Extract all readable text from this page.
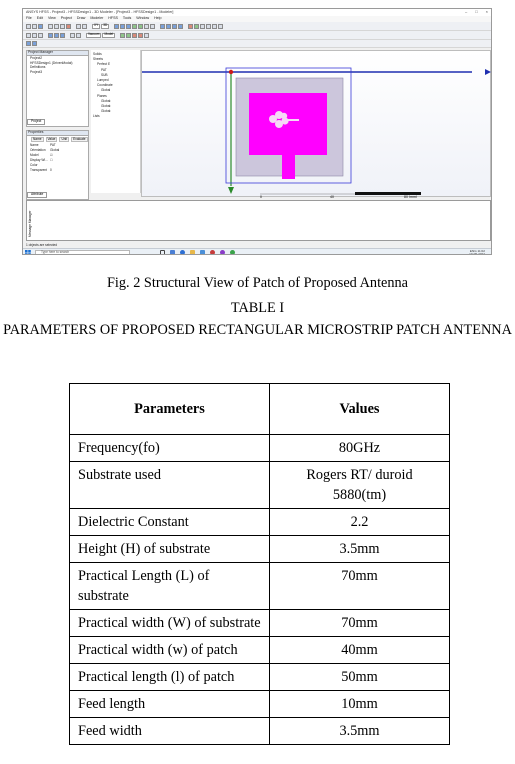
ANSYS HFSS - Project3 - HFSSDesign1 - 3D Modeler - [Project3 - HFSSDesign1 - Modeler]	– □ ×
File Edit View Project Draw Modeler HFSS Tools Window Help
XY	3D
Vacuum	Model
Project Manager
Project2
HFSSDesign1 (DrivenModal)
Definitions
Project3
Project
Properties
Name	Value	Unit	Evaluate
Name	PAT
Orientation Global
Model	☑
Display Wi... ☐
Color
Transparent 0
Attribute
Solids
Sheets
Perfect E
PAT
SUB
Lumped
Coordinate
Global
Planes
Global:
Global:
Global:
Lists
0	40	80 (mm)
Message Manager
1 objects are selected
Type here to search	ENG 11:02
10-05-2022
Fig. 2 Structural View of Patch of Proposed Antenna
TABLE I
PARAMETERS OF PROPOSED RECTANGULAR MICROSTRIP PATCH ANTENNA
Parameters	Values
Frequency(fo)	80GHz
Substrate used	Rogers RT/ duroid 5880(tm)
Dielectric Constant	2.2
Height (H) of substrate	3.5mm
Practical Length (L) of substrate	70mm
Practical width (W) of substrate	70mm
Practical width (w) of patch	40mm
Practical length (l) of patch	50mm
Feed length	10mm
Feed width	3.5mm
